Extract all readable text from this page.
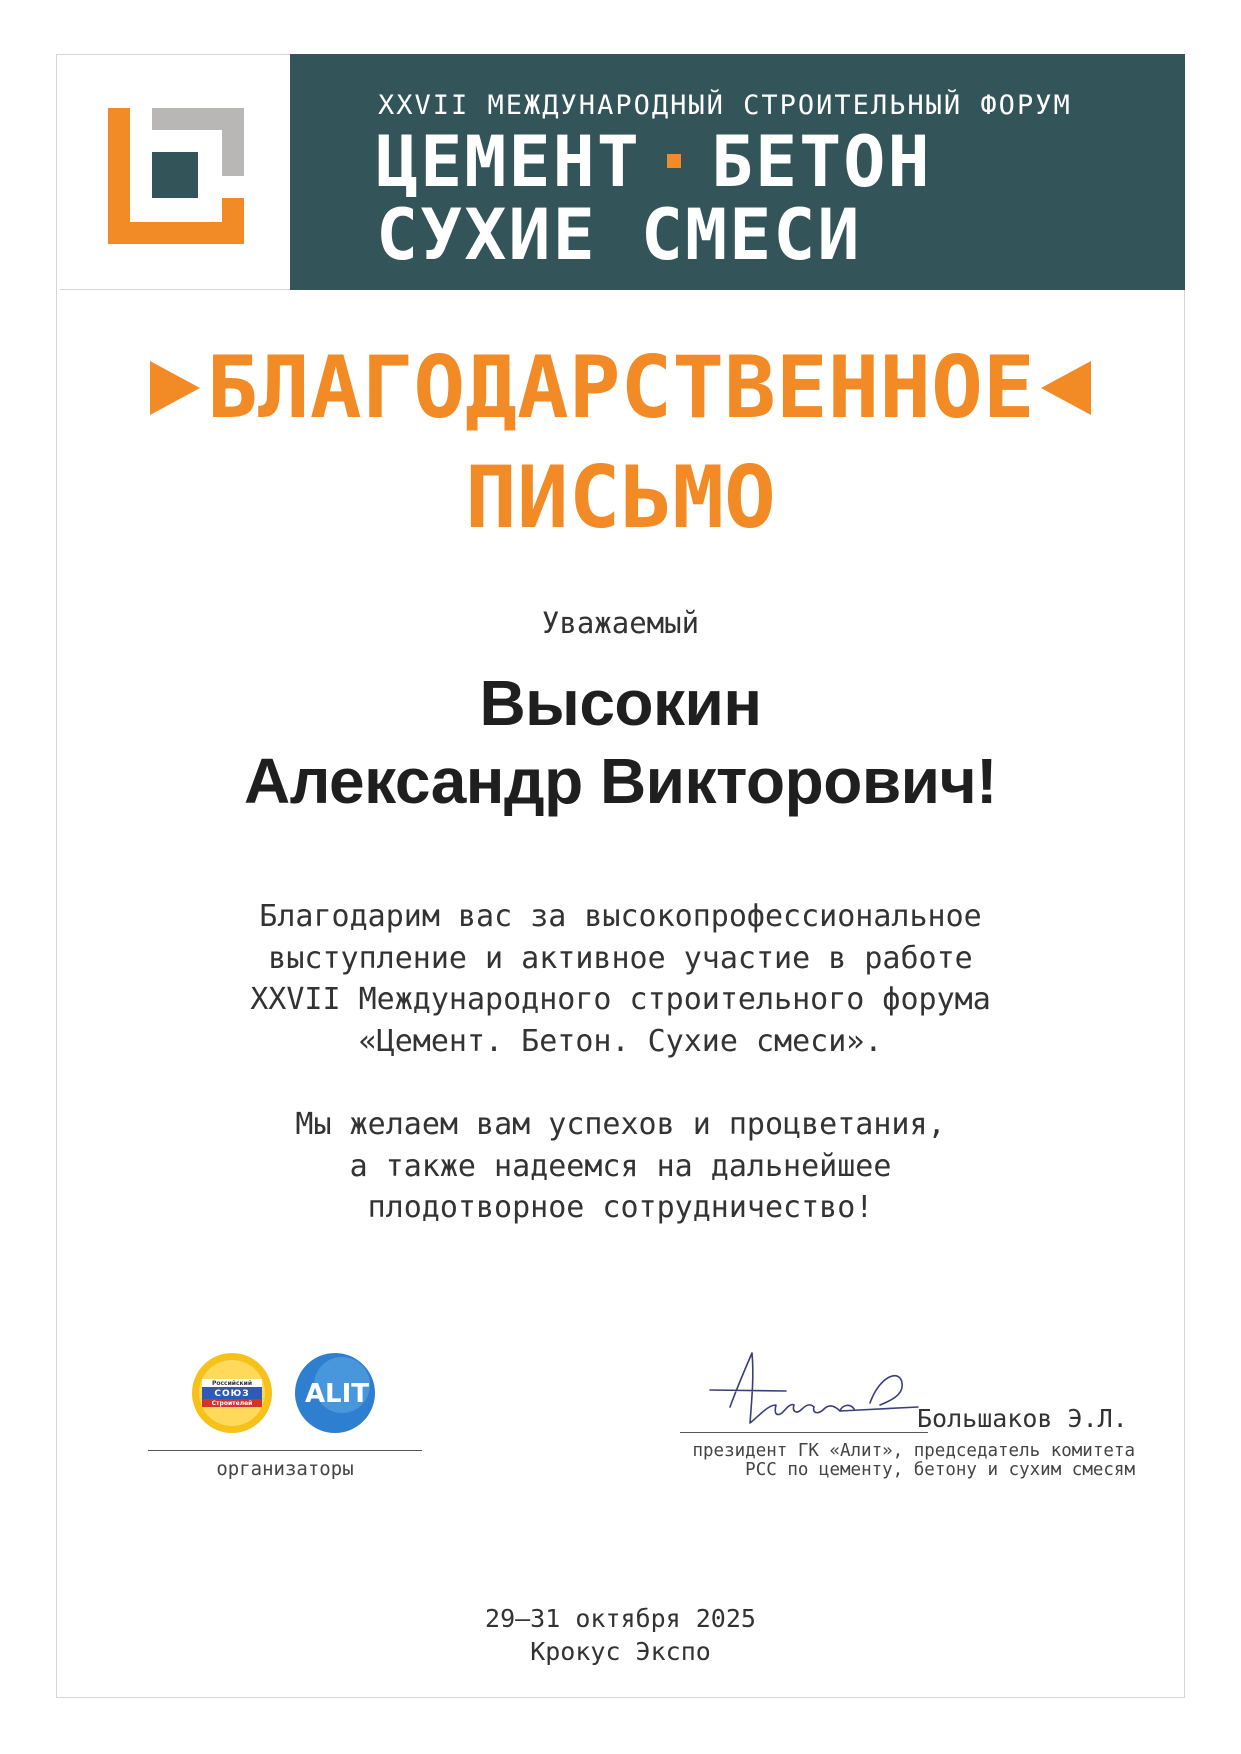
XXVII МЕЖДУНАРОДНЫЙ СТРОИТЕЛЬНЫЙ ФОРУМ
ЦЕМЕНТ БЕТОН
СУХИЕ СМЕСИ
БЛАГОДАРСТВЕННОЕ
ПИСЬМО
Уважаемый
Высокин
Александр Викторович!
Благодарим вас за высокопрофессиональное
выступление и активное участие в работе
XXVII Международного строительного форума
«Цемент. Бетон. Сухие смеси».
Мы желаем вам успехов и процветания,
а также надеемся на дальнейшее
плодотворное сотрудничество!
Российский
СОЮЗ
Строителей ALIT
организаторы
Большаков Э.Л.
президент ГК «Алит», председатель комитета
РСС по цементу, бетону и сухим смесям
29–31 октября 2025
Крокус Экспо
